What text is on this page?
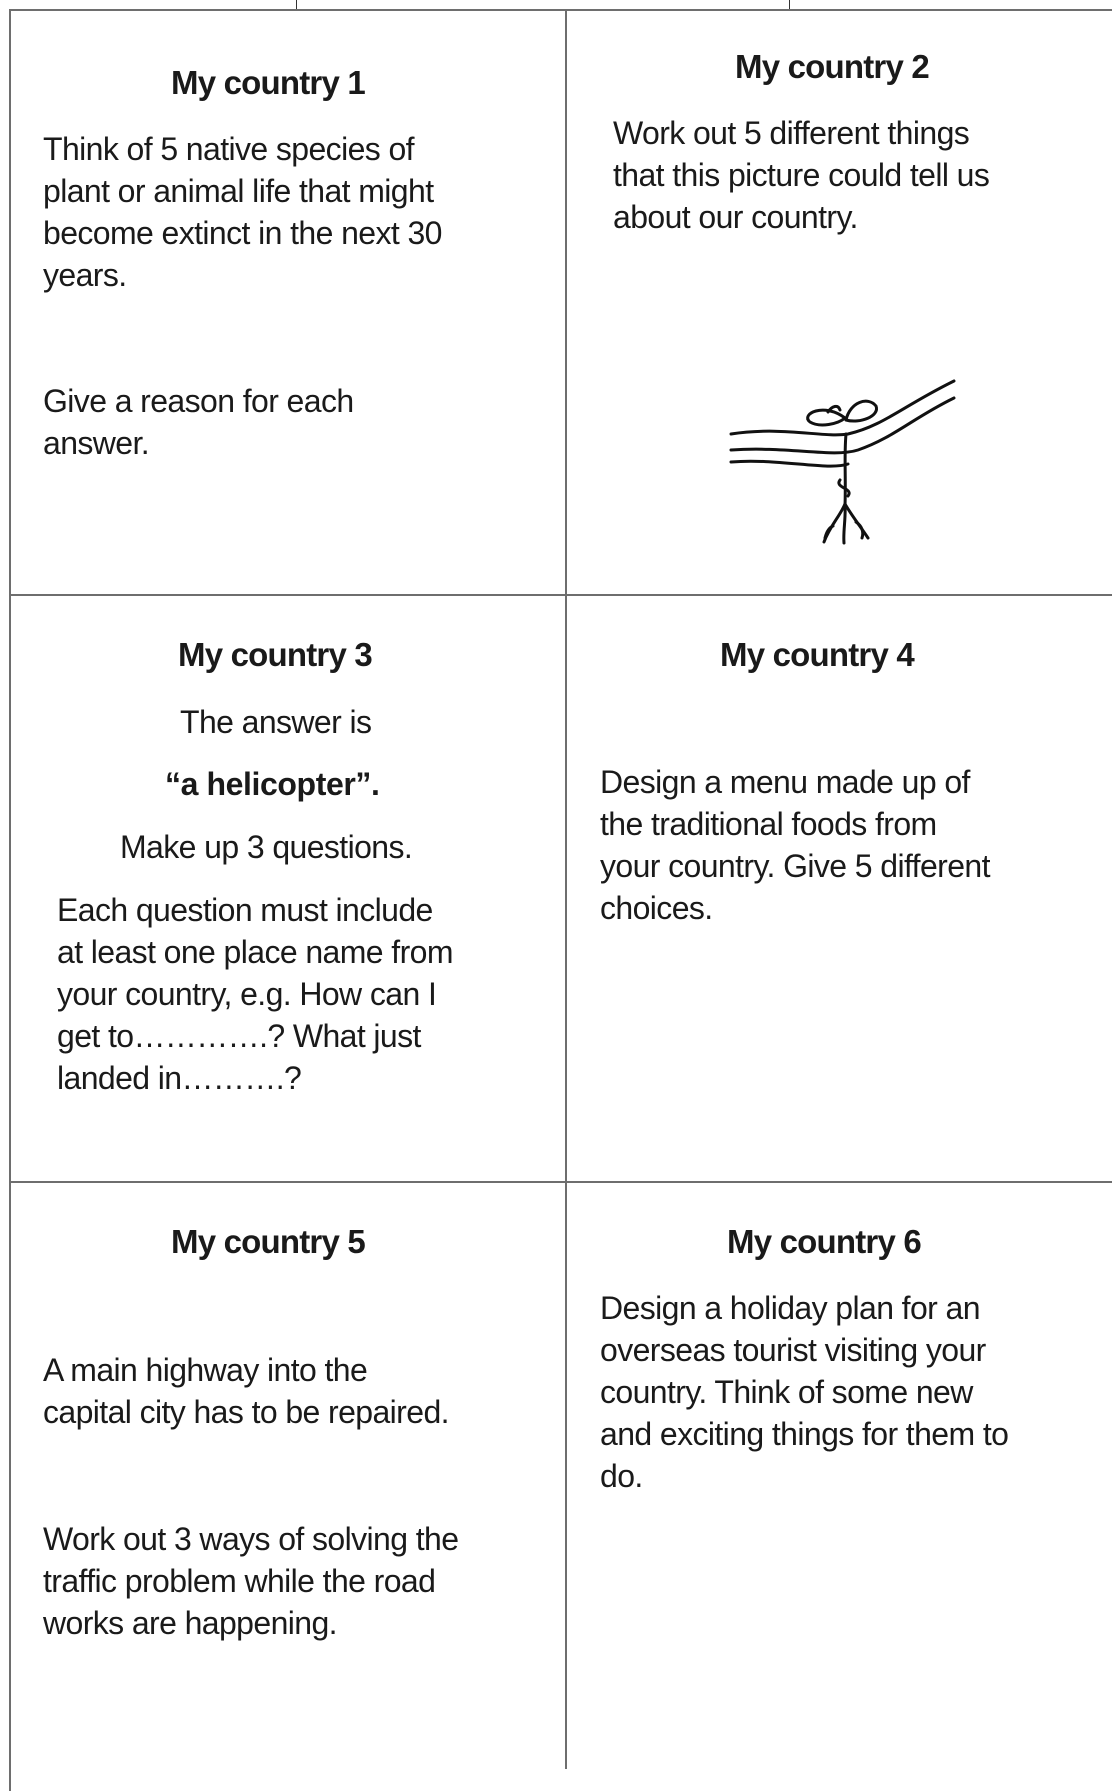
My country 1
Think of 5 native species of
plant or animal life that might
become extinct in the next 30
years.
Give a reason for each
answer.
My country 2
Work out 5 different things
that this picture could tell us
about our country.
My country 3
The answer is
“a helicopter”.
Make up 3 questions.
Each question must include
at least one place name from
your country, e.g. How can I
get to………….? What just
landed in……….?
My country 4
Design a menu made up of
the traditional foods from
your country. Give 5 different
choices.
My country 5
A main highway into the
capital city has to be repaired.
Work out 3 ways of solving the
traffic problem while the road
works are happening.
My country 6
Design a holiday plan for an
overseas tourist visiting your
country. Think of some new
and exciting things for them to
do.
